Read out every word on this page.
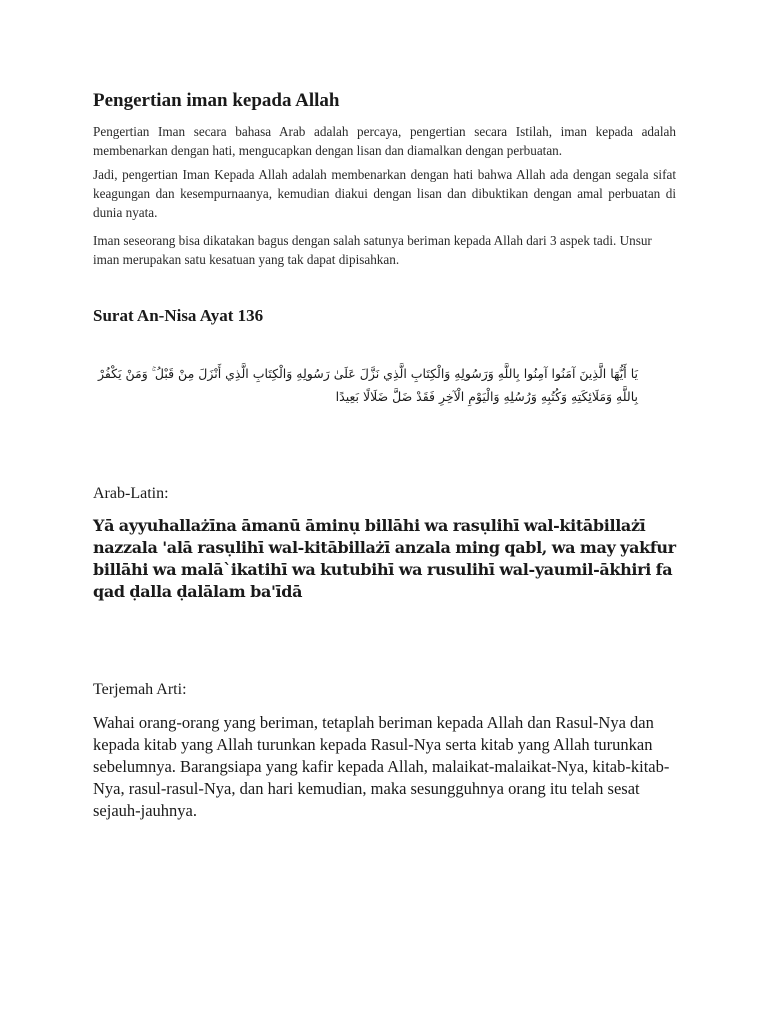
Pengertian iman kepada Allah

Pengertian Iman secara bahasa Arab adalah percaya, pengertian secara Istilah, iman kepada adalah membenarkan dengan hati, mengucapkan dengan lisan dan diamalkan dengan perbuatan.

Jadi, pengertian Iman Kepada Allah adalah membenarkan dengan hati bahwa Allah ada dengan segala sifat keagungan dan kesempurnaanya, kemudian diakui dengan lisan dan dibuktikan dengan amal perbuatan di dunia nyata.

Iman seseorang bisa dikatakan bagus dengan salah satunya beriman kepada Allah dari 3 aspek tadi. Unsur iman merupakan satu kesatuan yang tak dapat dipisahkan.

Surat An-Nisa Ayat 136

يَا أَيُّهَا الَّذِينَ آمَنُوا آمِنُوا بِاللَّهِ وَرَسُولِهِ وَالْكِتَابِ الَّذِي نَزَّلَ عَلَىٰ رَسُولِهِ وَالْكِتَابِ الَّذِي أَنْزَلَ مِنْ قَبْلُ ۚ وَمَنْ يَكْفُرْ بِاللَّهِ وَمَلَائِكَتِهِ وَكُتُبِهِ وَرُسُلِهِ وَالْيَوْمِ الْآخِرِ فَقَدْ ضَلَّ ضَلَالًا بَعِيدًا

Arab-Latin:

Yā ayyuhallażīna āmanū āminụ billāhi wa rasụlihī wal-kitābillażī nazzala 'alā rasụlihī wal-kitābillażī anzala ming qabl, wa may yakfur billāhi wa malā`ikatihī wa kutubihī wa rusulihī wal-yaumil-ākhiri fa qad ḍalla ḍalālam ba'īdā

Terjemah Arti:

Wahai orang-orang yang beriman, tetaplah beriman kepada Allah dan Rasul-Nya dan kepada kitab yang Allah turunkan kepada Rasul-Nya serta kitab yang Allah turunkan sebelumnya. Barangsiapa yang kafir kepada Allah, malaikat-malaikat-Nya, kitab-kitab-Nya, rasul-rasul-Nya, dan hari kemudian, maka sesungguhnya orang itu telah sesat sejauh-jauhnya.
